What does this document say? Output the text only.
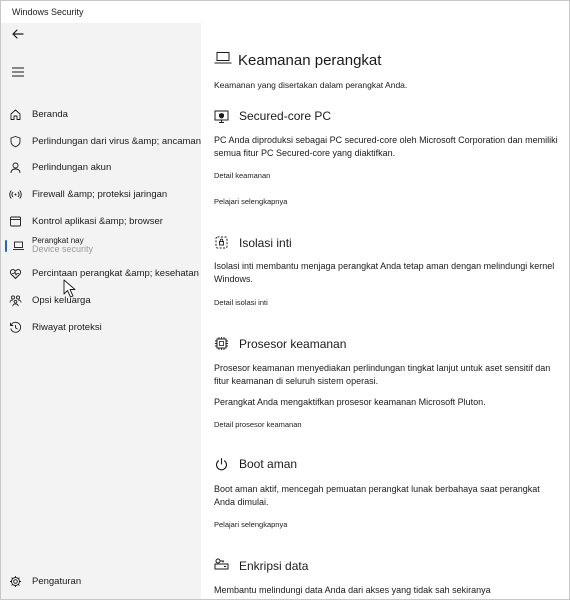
Windows Security
Beranda
Perlindungan dari virus &amp; ancaman
Perlindungan akun
Firewall &amp; proteksi jaringan
Kontrol aplikasi &amp; browser
Device security
Perangkat nay
Percintaan perangkat &amp; kesehatan
Opsi keluarga
Riwayat proteksi
Pengaturan
Keamanan perangkat
Keamanan yang disertakan dalam perangkat Anda.
Secured-core PC

PC Anda diproduksi sebagai PC secured-core oleh Microsoft Corporation dan memiliki semua fitur PC Secured-core yang diaktifkan.

Detail keamanan
Pelajari selengkapnya
Isolasi inti

Isolasi inti membantu menjaga perangkat Anda tetap aman dengan melindungi kernel Windows.

Detail isolasi inti
Prosesor keamanan

Prosesor keamanan menyediakan perlindungan tingkat lanjut untuk aset sensitif dan fitur keamanan di seluruh sistem operasi.

Perangkat Anda mengaktifkan prosesor keamanan Microsoft Pluton.

Detail prosesor keamanan
Boot aman

Boot aman aktif, mencegah pemuatan perangkat lunak berbahaya saat perangkat Anda dimulai.

Pelajari selengkapnya
Enkripsi data

Membantu melindungi data Anda dari akses yang tidak sah sekiranya
